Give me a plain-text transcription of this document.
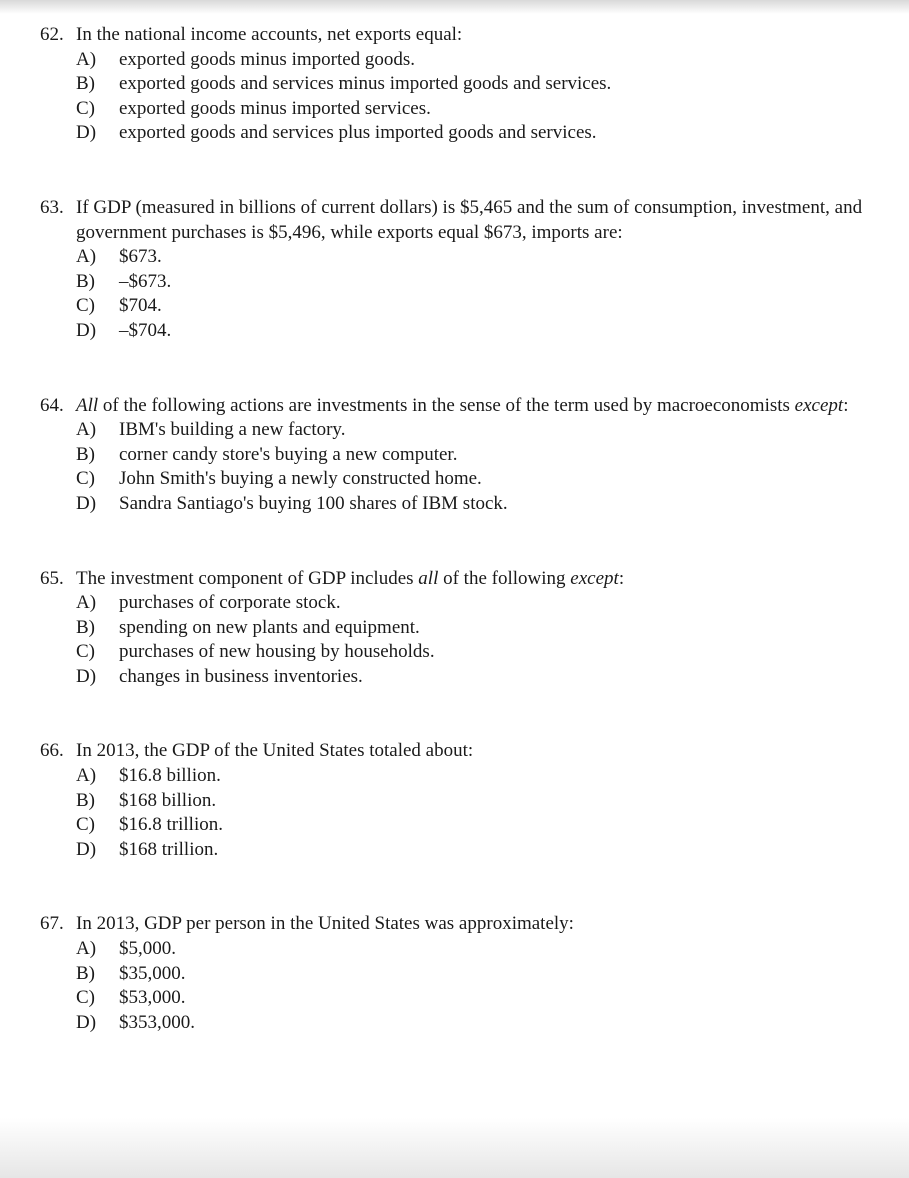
62. In the national income accounts, net exports equal:
A)	exported goods minus imported goods.
B)	exported goods and services minus imported goods and services.
C)	exported goods minus imported services.
D)	exported goods and services plus imported goods and services.
63. If GDP (measured in billions of current dollars) is $5,465 and the sum of consumption, investment, and government purchases is $5,496, while exports equal $673, imports are:
A)	$673.
B)	–$673.
C)	$704.
D)	–$704.
64. All of the following actions are investments in the sense of the term used by macroeconomists except:
A)	IBM's building a new factory.
B)	corner candy store's buying a new computer.
C)	John Smith's buying a newly constructed home.
D)	Sandra Santiago's buying 100 shares of IBM stock.
65. The investment component of GDP includes all of the following except:
A)	purchases of corporate stock.
B)	spending on new plants and equipment.
C)	purchases of new housing by households.
D)	changes in business inventories.
66. In 2013, the GDP of the United States totaled about:
A)	$16.8 billion.
B)	$168 billion.
C)	$16.8 trillion.
D)	$168 trillion.
67. In 2013, GDP per person in the United States was approximately:
A)	$5,000.
B)	$35,000.
C)	$53,000.
D)	$353,000.
